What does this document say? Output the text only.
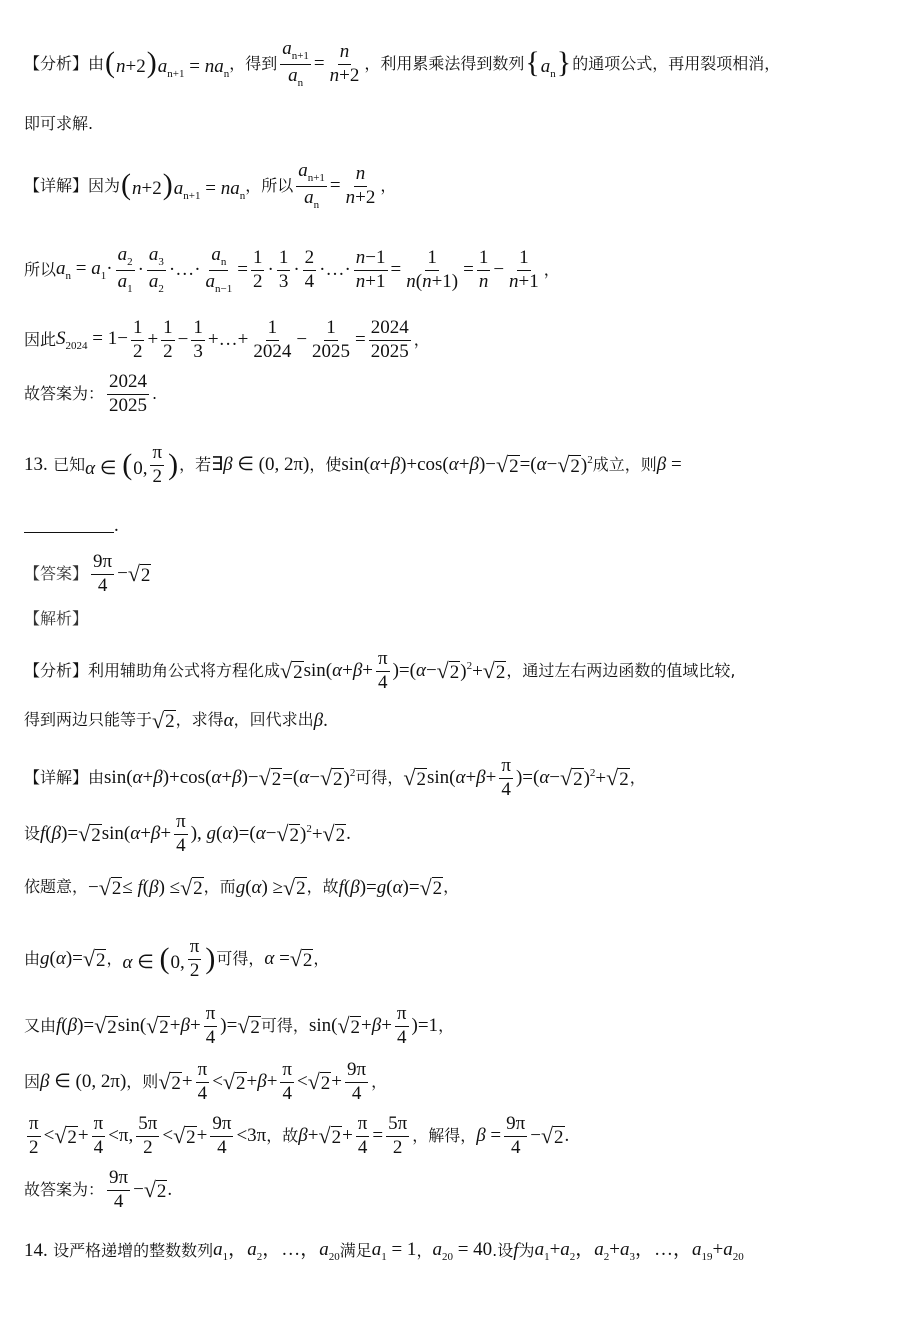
【分析】 由 $(n+2)a_{n+1} = na_n$
，得到 $\frac{a_{n+1}}{a_n} = \frac{n}{n+2}$ ，利用累乘法得到数列 $\{a_n\}$ 的通项公式，再用裂项相消，
即可求解.
【详解】 因为 $(n+2)a_{n+1} = na_n$
，所以 $\frac{a_{n+1}}{a_n} = \frac{n}{n+2}$ ，
所以 $a_n = a_1\cdot \frac{a_2}{a_1} \cdot \frac{a_3}{a_2}$ ·…· $\frac{a_n}{a_{n-1}} = \frac{1}{2} \cdot \frac{1}{3} \cdot \frac{2}{4}$ ·…· $\frac{n-1}{n+1} = \frac{1}{n(n+1)} = \frac{1}{n} - \frac{1}{n+1}$ ，
因此 $S_{2024} = 1- \frac{1}{2} + \frac{1}{2} - \frac{1}{3}$ +…+ $\frac{1}{2024} - \frac{1}{2025} = \frac{2024}{2025}$ ，
故答案为： $\frac{2024}{2025}$ .
13.
已知 α ∈ (0, $\frac{\pi}{2}$ ) ，若 ∃β ∈ (0, 2π) ，使 sin(α+β)+cos(α+β)− √ 2 =(α− √ 2 )$^2$ 成立，则 β =
.
【答案】 $\frac{9\pi}{4}$ − √ 2
【解析】
【分析】 利用辅助角公式将方程化成 √ 2 $\sin(\alpha+\beta+ \frac{\pi}{4} )=(\alpha-$ √ 2 )$^2$+ √ 2 ，通过左右两边函数的值域比较,
得到两边只能等于 √ 2 ，求得 α ，回代求出 β .
【详解】 由 sin(α+β)+cos(α+β)− √ 2 =(α− √ 2 )$^2$ 可得， √ 2 $\sin(\alpha+\beta+ \frac{\pi}{4} )=(\alpha-$ √ 2 )$^2$+ √ 2 ，
设 f(β)= √ 2 $\sin(\alpha+\beta+ \frac{\pi}{4}$ ), g(α)=(α− √ 2 )$^2$+ √ 2 .
依题意， − √ 2 ≤ f(β) ≤ √ 2 ，而 g(α) ≥ √ 2 ，故 f(β)=g(α)= √ 2 ，
由 g(α)= √ 2 ， α ∈ (0, $\frac{\pi}{2}$ ) 可得， α = √ 2 ，
又由 f(β)= √ 2 sin( √ $2 +\beta+ \frac{\pi}{4}$ )= √ 2 可得， sin( √ $2 +\beta+ \frac{\pi}{4} )=1$ ，
因 β ∈ (0, 2π) ，则 √ $2 + \frac{\pi}{4}$ < √ $2 +\beta+ \frac{\pi}{4}$ < √ $2 + \frac{9\pi}{4}$ ，
$\frac{\pi}{2}$ < √ $2 + \frac{\pi}{4} <\pi$, $\frac{5\pi}{2}$ < √ $2 + \frac{9\pi}{4} <3\pi$ ，故 β+ √ $2 + \frac{\pi}{4} = \frac{5\pi}{2}$ ，解得， $\beta = \frac{9\pi}{4}$ − √ 2 .
故答案为： $\frac{9\pi}{4}$ − √ 2 .
14.
设严格递增的整数数列 $a_1$，$a_2$，…，$a_{20}$ 满足 $a_1 = 1$ ， $a_{20} = 40$ .设 f 为 $a_1+a_2$，$a_2+a_3$，…，$a_{19}+a_{20}$
